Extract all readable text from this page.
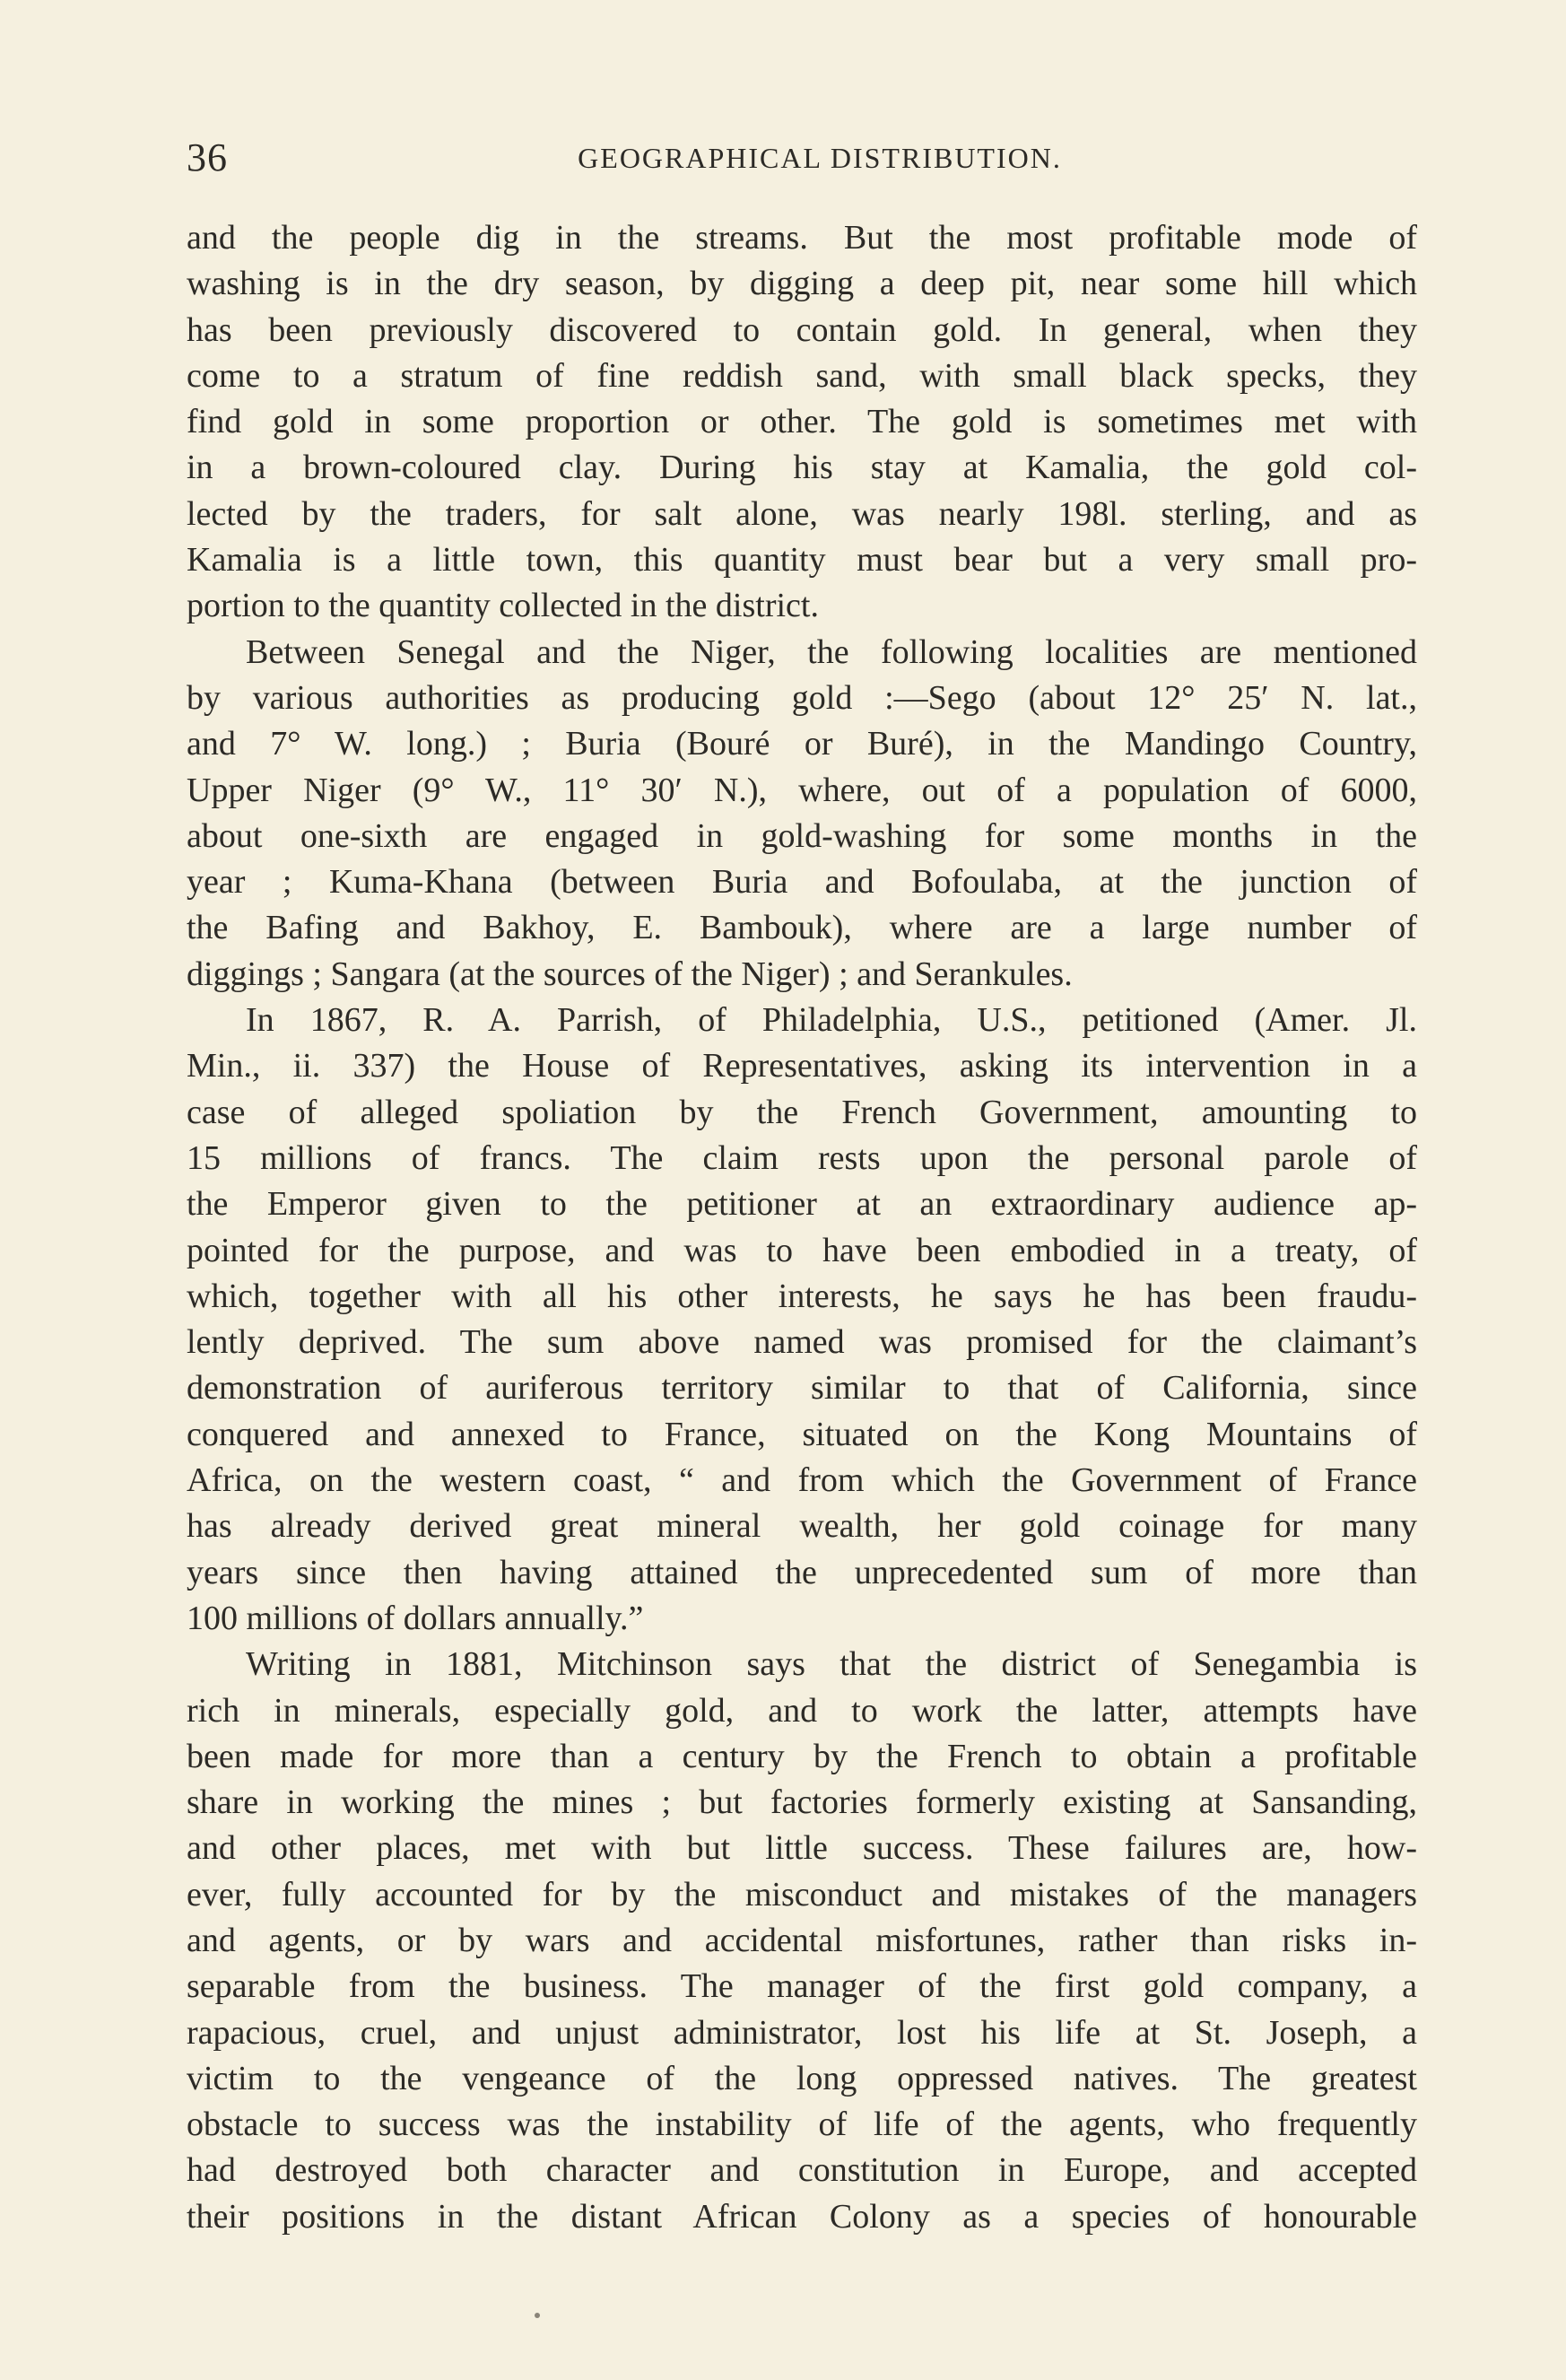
36	GEOGRAPHICAL DISTRIBUTION.
and the people dig in the streams. But the most profitable mode of
washing is in the dry season, by digging a deep pit, near some hill which
has been previously discovered to contain gold. In general, when they
come to a stratum of fine reddish sand, with small black specks, they
find gold in some proportion or other. The gold is sometimes met with
in a brown-coloured clay. During his stay at Kamalia, the gold col-
lected by the traders, for salt alone, was nearly 198l. sterling, and as
Kamalia is a little town, this quantity must bear but a very small pro-
portion to the quantity collected in the district.
Between Senegal and the Niger, the following localities are mentioned
by various authorities as producing gold :—Sego (about 12° 25′ N. lat.,
and 7° W. long.) ; Buria (Bouré or Buré), in the Mandingo Country,
Upper Niger (9° W., 11° 30′ N.), where, out of a population of 6000,
about one-sixth are engaged in gold-washing for some months in the
year ; Kuma-Khana (between Buria and Bofoulaba, at the junction of
the Bafing and Bakhoy, E. Bambouk), where are a large number of
diggings ; Sangara (at the sources of the Niger) ; and Serankules.
In 1867, R. A. Parrish, of Philadelphia, U.S., petitioned (Amer. Jl.
Min., ii. 337) the House of Representatives, asking its intervention in a
case of alleged spoliation by the French Government, amounting to
15 millions of francs. The claim rests upon the personal parole of
the Emperor given to the petitioner at an extraordinary audience ap-
pointed for the purpose, and was to have been embodied in a treaty, of
which, together with all his other interests, he says he has been fraudu-
lently deprived. The sum above named was promised for the claimant’s
demonstration of auriferous territory similar to that of California, since
conquered and annexed to France, situated on the Kong Mountains of
Africa, on the western coast, “ and from which the Government of France
has already derived great mineral wealth, her gold coinage for many
years since then having attained the unprecedented sum of more than
100 millions of dollars annually.”
Writing in 1881, Mitchinson says that the district of Senegambia is
rich in minerals, especially gold, and to work the latter, attempts have
been made for more than a century by the French to obtain a profitable
share in working the mines ; but factories formerly existing at Sansanding,
and other places, met with but little success. These failures are, how-
ever, fully accounted for by the misconduct and mistakes of the managers
and agents, or by wars and accidental misfortunes, rather than risks in-
separable from the business. The manager of the first gold company, a
rapacious, cruel, and unjust administrator, lost his life at St. Joseph, a
victim to the vengeance of the long oppressed natives. The greatest
obstacle to success was the instability of life of the agents, who frequently
had destroyed both character and constitution in Europe, and accepted
their positions in the distant African Colony as a species of honourable
